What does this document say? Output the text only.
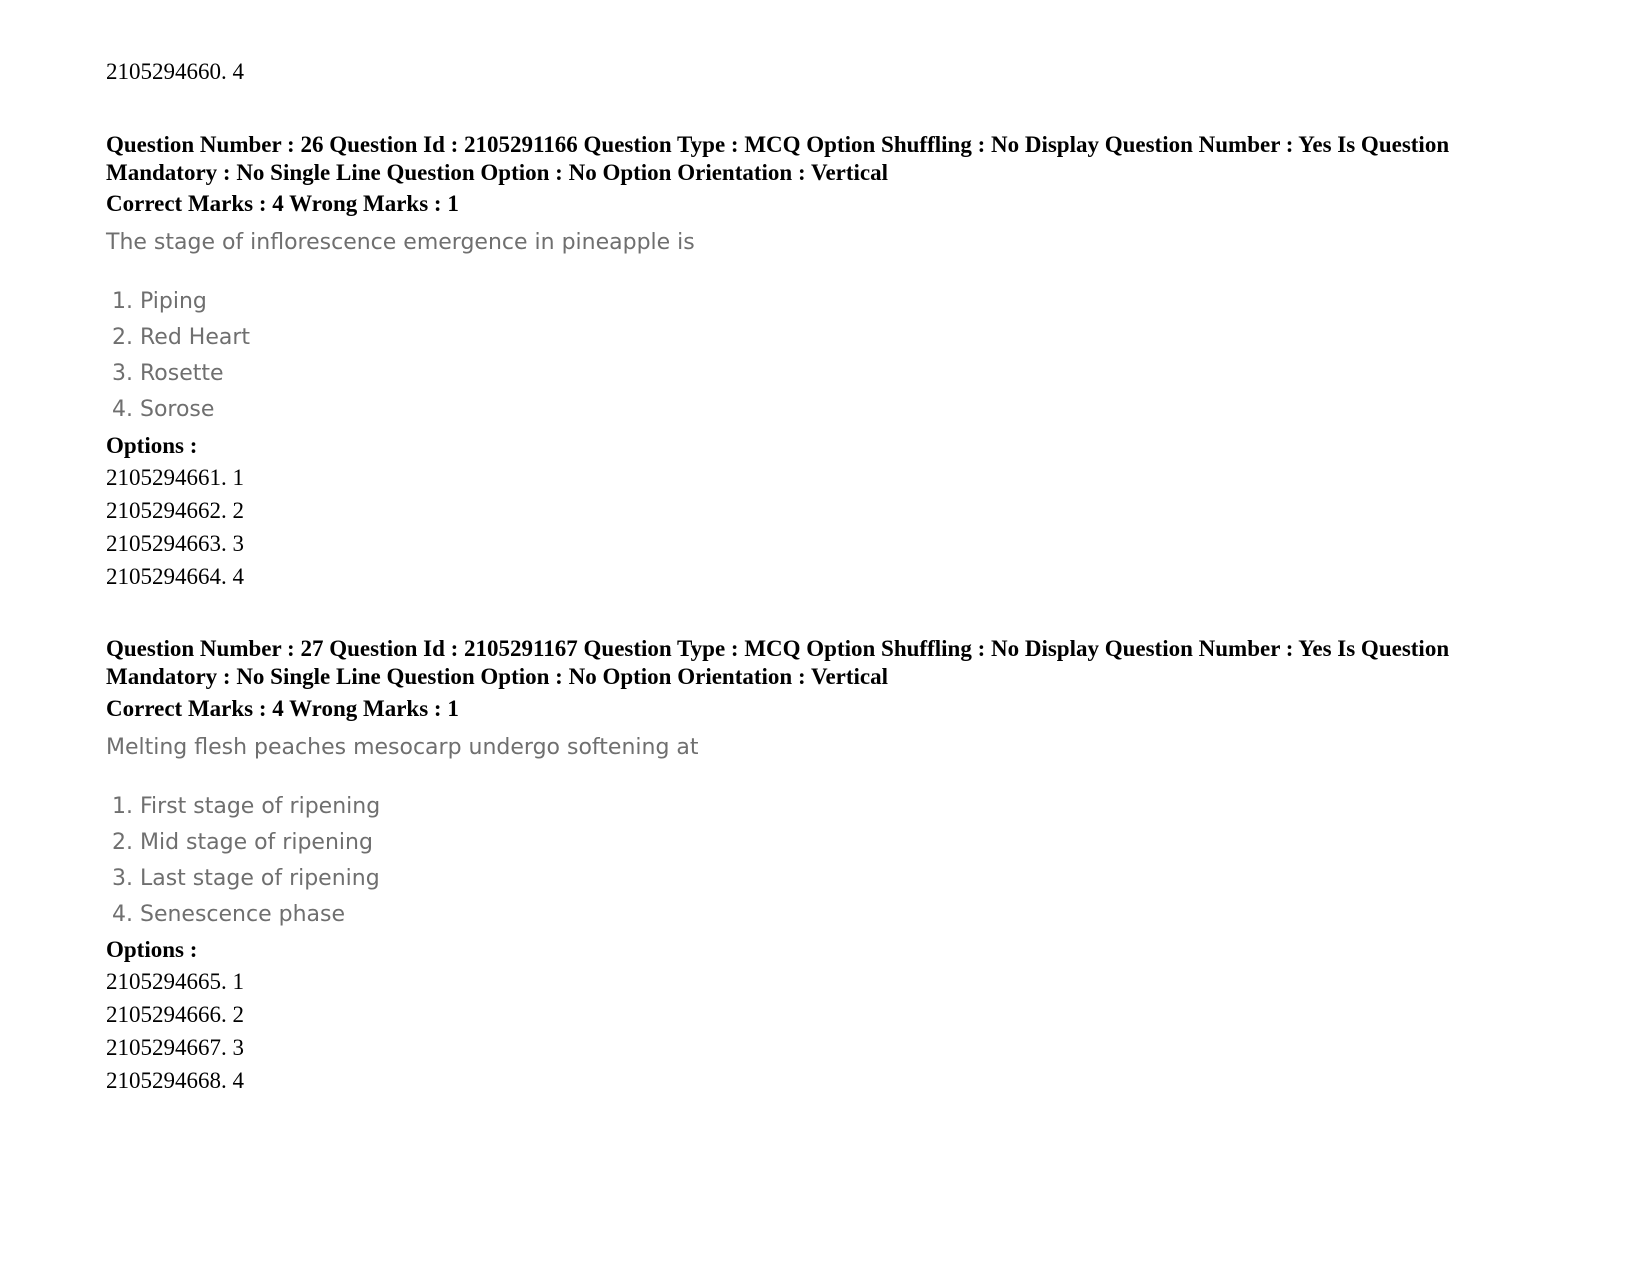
2105294660. 4
Question Number : 26 Question Id : 2105291166 Question Type : MCQ Option Shuffling : No Display Question Number : Yes Is Question Mandatory : No Single Line Question Option : No Option Orientation : Vertical
Correct Marks : 4 Wrong Marks : 1
The stage of inflorescence emergence in pineapple is
1. Piping
2. Red Heart
3. Rosette
4. Sorose
Options :
2105294661. 1
2105294662. 2
2105294663. 3
2105294664. 4
Question Number : 27 Question Id : 2105291167 Question Type : MCQ Option Shuffling : No Display Question Number : Yes Is Question Mandatory : No Single Line Question Option : No Option Orientation : Vertical
Correct Marks : 4 Wrong Marks : 1
Melting flesh peaches mesocarp undergo softening at
1. First stage of ripening
2. Mid stage of ripening
3. Last stage of ripening
4. Senescence phase
Options :
2105294665. 1
2105294666. 2
2105294667. 3
2105294668. 4
